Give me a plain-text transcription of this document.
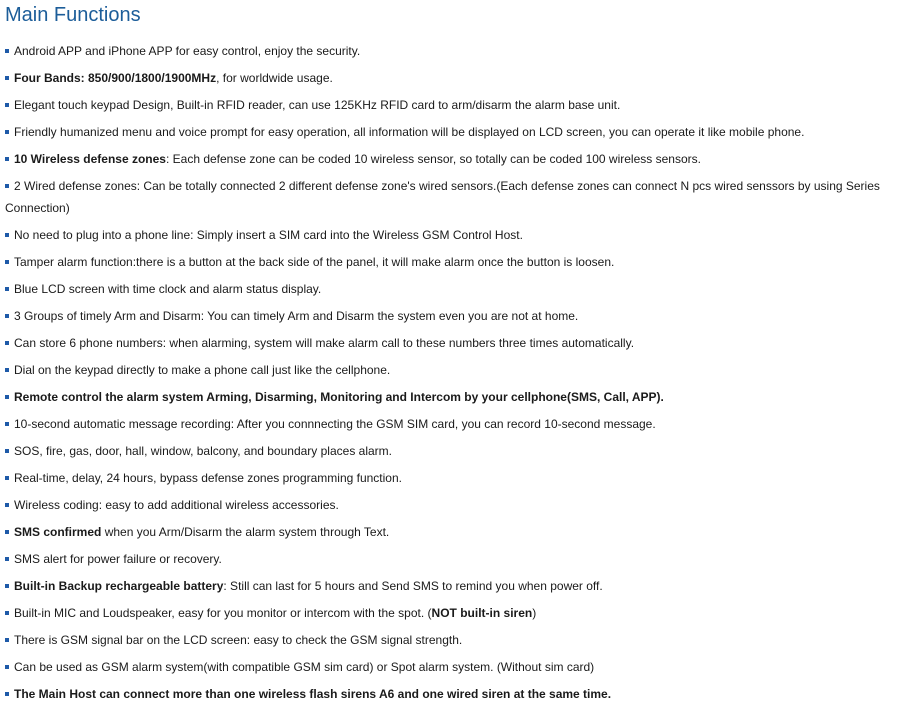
Main Functions
Android APP and iPhone APP for easy control, enjoy the security.
Four Bands: 850/900/1800/1900MHz, for worldwide usage.
Elegant touch keypad Design, Built-in RFID reader, can use 125KHz RFID card to arm/disarm the alarm base unit.
Friendly humanized menu and voice prompt for easy operation, all information will be displayed on LCD screen, you can operate it like mobile phone.
10 Wireless defense zones: Each defense zone can be coded 10 wireless sensor, so totally can be coded 100 wireless sensors.
2 Wired defense zones: Can be totally connected 2 different defense zone's wired sensors.(Each defense zones can connect N pcs wired senssors by using Series Connection)
No need to plug into a phone line: Simply insert a SIM card into the Wireless GSM Control Host.
Tamper alarm function:there is a button at the back side of the panel, it will make alarm once the button is loosen.
Blue LCD screen with time clock and alarm status display.
3 Groups of timely Arm and Disarm: You can timely Arm and Disarm the system even you are not at home.
Can store 6 phone numbers: when alarming, system will make alarm call to these numbers three times automatically.
Dial on the keypad directly to make a phone call just like the cellphone.
Remote control the alarm system Arming, Disarming, Monitoring and Intercom by your cellphone(SMS, Call, APP).
10-second automatic message recording: After you connnecting the GSM SIM card, you can record 10-second message.
SOS, fire, gas, door, hall, window, balcony, and boundary places alarm.
Real-time, delay, 24 hours, bypass defense zones programming function.
Wireless coding: easy to add additional wireless accessories.
SMS confirmed when you Arm/Disarm the alarm system through Text.
SMS alert for power failure or recovery.
Built-in Backup rechargeable battery: Still can last for 5 hours and Send SMS to remind you when power off.
Built-in MIC and Loudspeaker, easy for you monitor or intercom with the spot. (NOT built-in siren)
There is GSM signal bar on the LCD screen: easy to check the GSM signal strength.
Can be used as GSM alarm system(with compatible GSM sim card) or Spot alarm system. (Without sim card)
The Main Host can connect more than one wireless flash sirens A6 and one wired siren at the same time.
